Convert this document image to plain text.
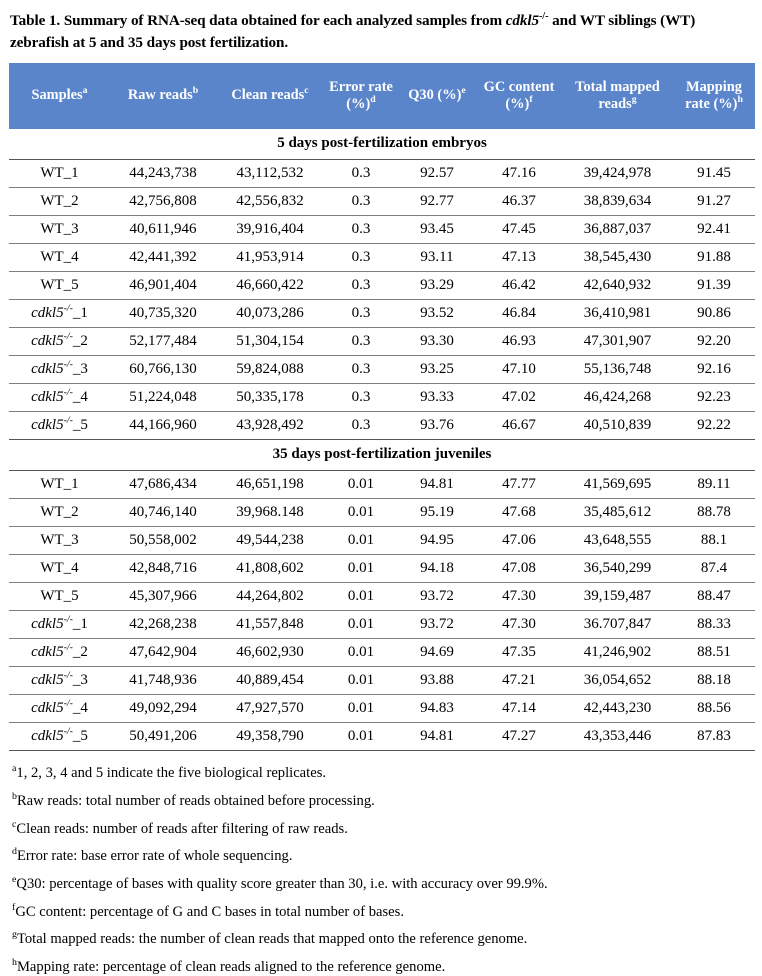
Table 1. Summary of RNA-seq data obtained for each analyzed samples from cdkl5-/- and WT siblings (WT) zebrafish at 5 and 35 days post fertilization.
Samples$^a$	Raw reads$^b$	Clean reads$^c$	Error rate (%)$^d$	Q30 (%)$^e$	GC content (%)$^f$	Total mapped reads$^g$	Mapping rate (%)$^h$
5 days post-fertilization embryos							
WT_1	44,243,738	43,112,532	0.3	92.57	47.16	39,424,978	91.45
WT_2	42,756,808	42,556,832	0.3	92.77	46.37	38,839,634	91.27
WT_3	40,611,946	39,916,404	0.3	93.45	47.45	36,887,037	92.41
WT_4	42,441,392	41,953,914	0.3	93.11	47.13	38,545,430	91.88
WT_5	46,901,404	46,660,422	0.3	93.29	46.42	42,640,932	91.39
cdkl5-/-_1	40,735,320	40,073,286	0.3	93.52	46.84	36,410,981	90.86
cdkl5-/-_2	52,177,484	51,304,154	0.3	93.30	46.93	47,301,907	92.20
cdkl5-/-_3	60,766,130	59,824,088	0.3	93.25	47.10	55,136,748	92.16
cdkl5-/-_4	51,224,048	50,335,178	0.3	93.33	47.02	46,424,268	92.23
cdkl5-/-_5	44,166,960	43,928,492	0.3	93.76	46.67	40,510,839	92.22
35 days post-fertilization juveniles							
WT_1	47,686,434	46,651,198	0.01	94.81	47.77	41,569,695	89.11
WT_2	40,746,140	39,968.148	0.01	95.19	47.68	35,485,612	88.78
WT_3	50,558,002	49,544,238	0.01	94.95	47.06	43,648,555	88.1
WT_4	42,848,716	41,808,602	0.01	94.18	47.08	36,540,299	87.4
WT_5	45,307,966	44,264,802	0.01	93.72	47.30	39,159,487	88.47
cdkl5-/-_1	42,268,238	41,557,848	0.01	93.72	47.30	36.707,847	88.33
cdkl5-/-_2	47,642,904	46,602,930	0.01	94.69	47.35	41,246,902	88.51
cdkl5-/-_3	41,748,936	40,889,454	0.01	93.88	47.21	36,054,652	88.18
cdkl5-/-_4	49,092,294	47,927,570	0.01	94.83	47.14	42,443,230	88.56
cdkl5-/-_5	50,491,206	49,358,790	0.01	94.81	47.27	43,353,446	87.83

$^a$1, 2, 3, 4 and 5 indicate the five biological replicates.

$^b$Raw reads: total number of reads obtained before processing.

$^c$Clean reads: number of reads after filtering of raw reads.

$^d$Error rate: base error rate of whole sequencing.

$^e$Q30: percentage of bases with quality score greater than 30, i.e. with accuracy over 99.9%.

$^f$GC content: percentage of G and C bases in total number of bases.

$^g$Total mapped reads: the number of clean reads that mapped onto the reference genome.

$^h$Mapping rate: percentage of clean reads aligned to the reference genome.
